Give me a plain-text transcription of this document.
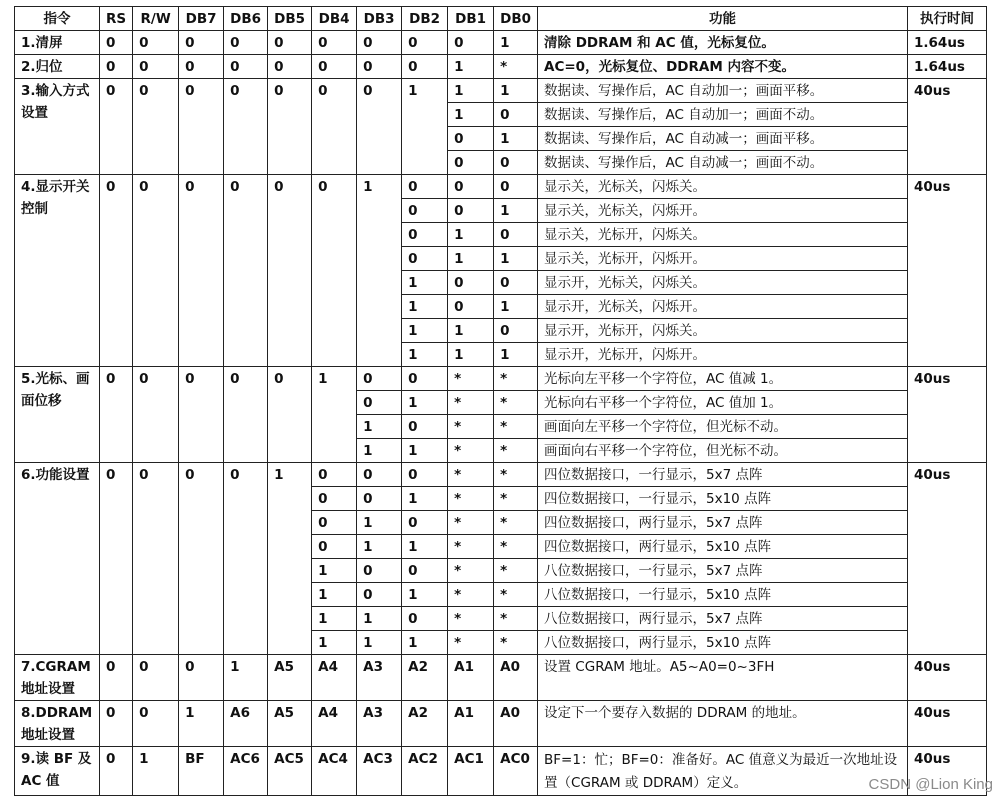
指令	RS	R/W	DB7	DB6	DB5	DB4	DB3	DB2	DB1	DB0	功能	执行时间
1.清屏	0	0	0	0	0	0	0	0	0	1	清除 DDRAM 和 AC 值，光标复位。	1.64us
2.归位	0	0	0	0	0	0	0	0	1	*	AC=0，光标复位、DDRAM 内容不变。	1.64us
3.输入方式设置	0	0	0	0	0	0	0	1	1	1	数据读、写操作后，AC 自动加一；画面平移。	40us
									1	0	数据读、写操作后，AC 自动加一；画面不动。	
									0	1	数据读、写操作后，AC 自动减一；画面平移。	
									0	0	数据读、写操作后，AC 自动减一；画面不动。	
4.显示开关控制	0	0	0	0	0	0	1	0	0	0	显示关，光标关，闪烁关。	40us
								0	0	1	显示关，光标关，闪烁开。	
								0	1	0	显示关，光标开，闪烁关。	
								0	1	1	显示关，光标开，闪烁开。	
								1	0	0	显示开，光标关，闪烁关。	
								1	0	1	显示开，光标关，闪烁开。	
								1	1	0	显示开，光标开，闪烁关。	
								1	1	1	显示开，光标开，闪烁开。	
5.光标、画面位移	0	0	0	0	0	1	0	0	*	*	光标向左平移一个字符位，AC 值减 1。	40us
							0	1	*	*	光标向右平移一个字符位，AC 值加 1。	
							1	0	*	*	画面向左平移一个字符位，但光标不动。	
							1	1	*	*	画面向右平移一个字符位，但光标不动。	
6.功能设置	0	0	0	0	1	0	0	0	*	*	四位数据接口，一行显示，5x7 点阵	40us
						0	0	1	*	*	四位数据接口，一行显示，5x10 点阵	
						0	1	0	*	*	四位数据接口，两行显示，5x7 点阵	
						0	1	1	*	*	四位数据接口，两行显示，5x10 点阵	
						1	0	0	*	*	八位数据接口，一行显示，5x7 点阵	
						1	0	1	*	*	八位数据接口，一行显示，5x10 点阵	
						1	1	0	*	*	八位数据接口，两行显示，5x7 点阵	
						1	1	1	*	*	八位数据接口，两行显示，5x10 点阵	
7.CGRAM 地址设置	0	0	0	1	A5	A4	A3	A2	A1	A0	设置 CGRAM 地址。A5~A0=0~3FH	40us
8.DDRAM 地址设置	0	0	1	A6	A5	A4	A3	A2	A1	A0	设定下一个要存入数据的 DDRAM 的地址。	40us
9.读 BF 及 AC 值	0	1	BF	AC6	AC5	AC4	AC3	AC2	AC1	AC0	BF=1：忙；BF=0：准备好。AC 值意义为最近一次地址设置（CGRAM 或 DDRAM）定义。	40us
CSDN @Lion King
